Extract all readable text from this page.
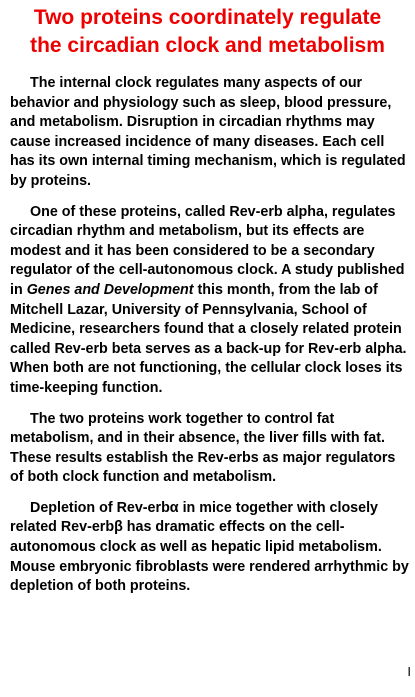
Two proteins coordinately regulate
the circadian clock and metabolism

The internal clock regulates many aspects of our behavior and physiology such as sleep, blood pressure, and metabolism. Disruption in circadian rhythms may cause increased incidence of many diseases. Each cell has its own internal timing mechanism, which is regulated by proteins.

One of these proteins, called Rev-erb alpha, regulates circadian rhythm and metabolism, but its effects are modest and it has been considered to be a secondary regulator of the cell-autonomous clock. A study published in Genes and Development this month, from the lab of Mitchell Lazar, University of Pennsylvania, School of Medicine, researchers found that a closely related protein called Rev-erb beta serves as a back-up for Rev-erb alpha. When both are not functioning, the cellular clock loses its time-keeping function.

The two proteins work together to control fat metabolism, and in their absence, the liver fills with fat. These results establish the Rev-erbs as major regulators of both clock function and metabolism.

Depletion of Rev-erbα in mice together with closely related Rev-erbβ has dramatic effects on the cell-autonomous clock as well as hepatic lipid metabolism. Mouse embryonic fibroblasts were rendered arrhythmic by depletion of both proteins.

I
